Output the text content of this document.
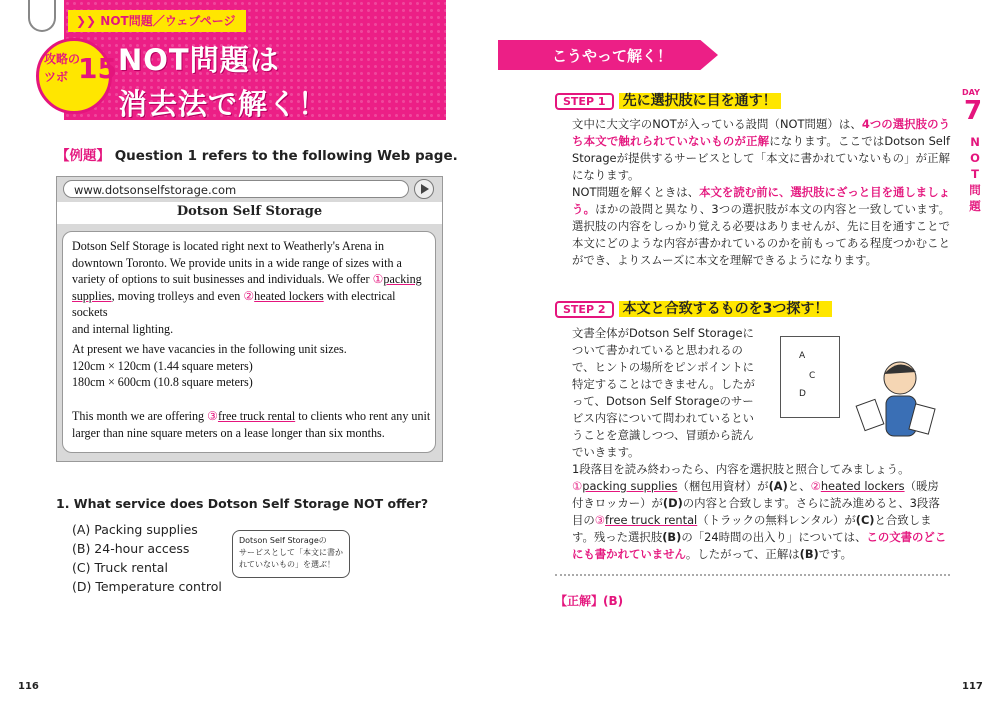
❯❯ NOT問題／ウェブページ
攻略の
ツボ 15 NOT問題は
消去法で解く！
【例題】 Question 1 refers to the following Web page.
www.dotsonselfstorage.com
Dotson Self Storage

Dotson Self Storage is located right next to Weatherly's Arena in

downtown Toronto. We provide units in a wide range of sizes with a

variety of options to suit businesses and individuals. We offer ①packing

supplies, moving trolleys and even ②heated lockers with electrical sockets

and internal lighting.

At present we have vacancies in the following unit sizes.

120cm × 120cm (1.44 square meters)

180cm × 600cm (10.8 square meters)

This month we are offering ③free truck rental to clients who rent any unit

larger than nine square meters on a lease longer than six months.

1. What service does Dotson Self Storage NOT offer?
(A) Packing supplies
(B) 24-hour access
(C) Truck rental
(D) Temperature control
Dotson Self Storageの
サービスとして「本文に書か
れていないもの」を選ぶ！
116
こうやって解く！
DAY
7
NOT問題
STEP 1 先に選択肢に目を通す！
文中に大文字のNOTが入っている設問（NOT問題）は、4つの選択肢のうち本文で触れられていないものが正解になります。ここではDotson Self Storageが提供するサービスとして「本文に書かれていないもの」が正解になります。
NOT問題を解くときは、本文を読む前に、選択肢にざっと目を通しましょう。ほかの設問と異なり、3つの選択肢が本文の内容と一致しています。選択肢の内容をしっかり覚える必要はありませんが、先に目を通すことで本文にどのような内容が書かれているのかを前もってある程度つかむことができ、よりスムーズに本文を理解できるようになります。
STEP 2 本文と合致するものを3つ探す！
文書全体がDotson Self Storageについて書かれていると思われるので、ヒントの場所をピンポイントに特定することはできません。したがって、Dotson Self Storageのサービス内容について問われているということを意識しつつ、冒頭から読んでいきます。
A
C
D
1段落目を読み終わったら、内容を選択肢と照合してみましょう。①packing supplies（梱包用資材）が(A)と、②heated lockers（暖房付きロッカー）が(D)の内容と合致します。さらに読み進めると、3段落目の③free truck rental（トラックの無料レンタル）が(C)と合致します。残った選択肢(B)の「24時間の出入り」については、この文書のどこにも書かれていません。したがって、正解は(B)です。
【正解】(B)
117
